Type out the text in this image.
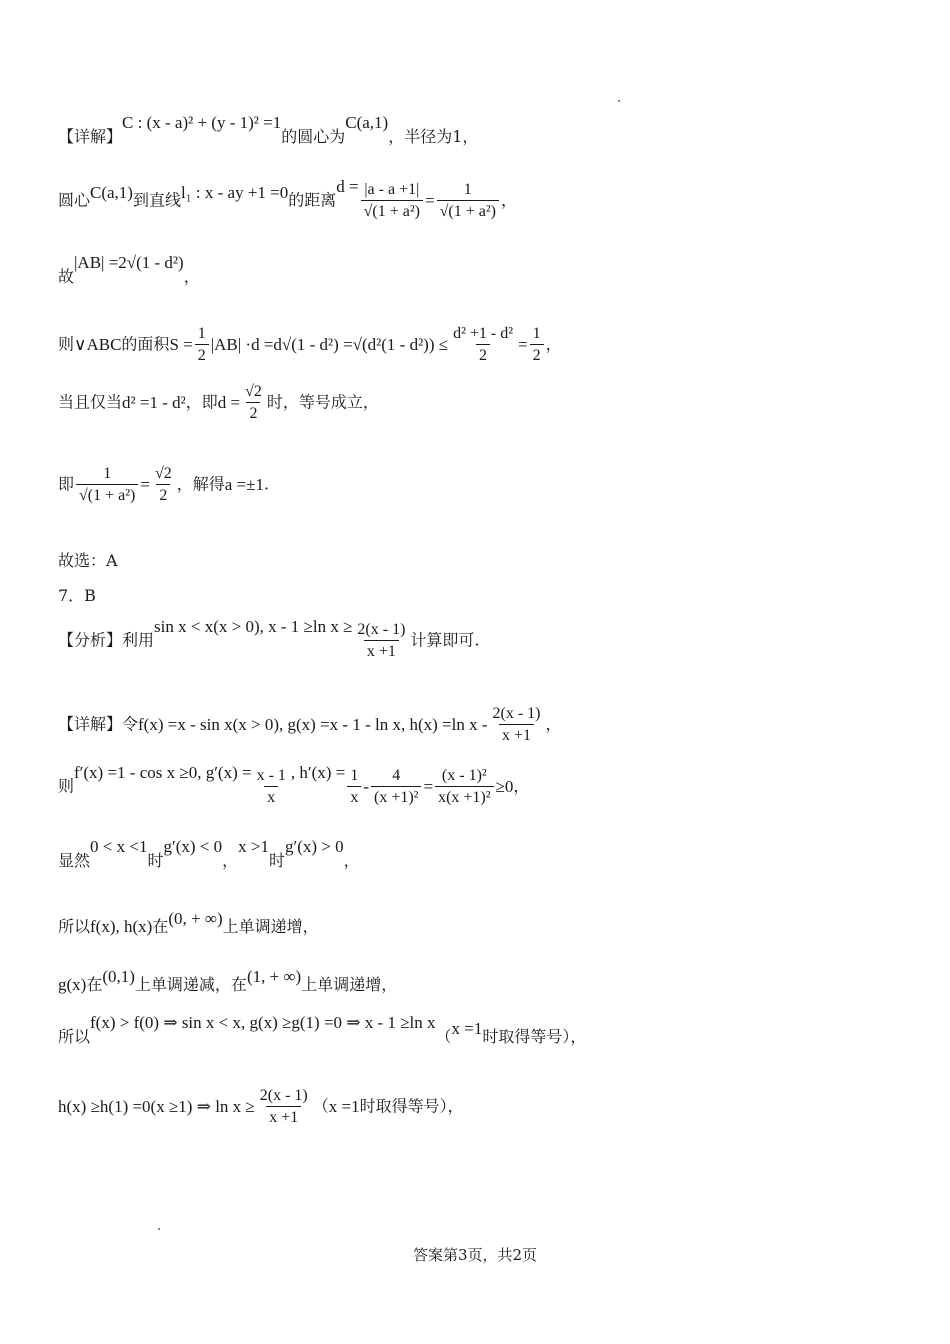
【详解】C : (x - a)² + (y - 1)² =1的圆心为C(a,1)，半径为1，
圆心C(a,1)到直线l₁ : x - ay +1 =0的距离$d = \frac{|a - a +1|}{\text{√(1 + a²)}} = \frac{1}{\text{√(1 + a²)}}$ ，
故|AB| =2√(1 - d²)，
则∨ABC的面积$S = \frac{1}{2} |AB| \cdot d =d√(1 - d^2) =√(d^2(1 - d^2)) \le \frac{\text{d² +1 - d²}}{2} = \frac{1}{2}$ ，
当且仅当d² =1 - d²，即$d = \frac{√2}{2}$ 时，等号成立，
即 $\frac{1}{\text{√(1 + a²)}} = \frac{√2}{2}$ ，解得a =±1.
故选：A
7．B
【分析】利用sin x < x(x > 0), x - 1 ≥ln $x \ge \frac{2(x - 1)}{x +1}$ 计算即可.
【详解】令f(x) =x - sin x(x > 0), g(x) =x - 1 - ln x, h(x) =ln x - $\frac{2(x - 1)}{x +1}$ ，
则f′(x) =1 - cos x ≥0, $g'(x) = \frac{x - 1}{x}$ , $h'(x) = \frac{1}{x} - \frac{4}{\text{(x +1)²}} = \frac{\text{(x - 1)²}}{\text{x(x +1)²}} \ge 0$，
显然0 < x <1时g′(x) < 0，x >1时g′(x) > 0，
所以f(x), h(x)在(0, + ∞)上单调递增，
g(x)在(0,1)上单调递减，在(1, + ∞)上单调递增，
所以f(x) > f(0) ⇒ sin x < x, g(x) ≥g(1) =0 ⇒ x - 1 ≥ln x（x =1时取得等号），
h(x) ≥h(1) =0(x ≥1) ⇒ $\ln x \ge \frac{2(x - 1)}{x +1} (x =1$时取得等号），
答案第3页，共2页
